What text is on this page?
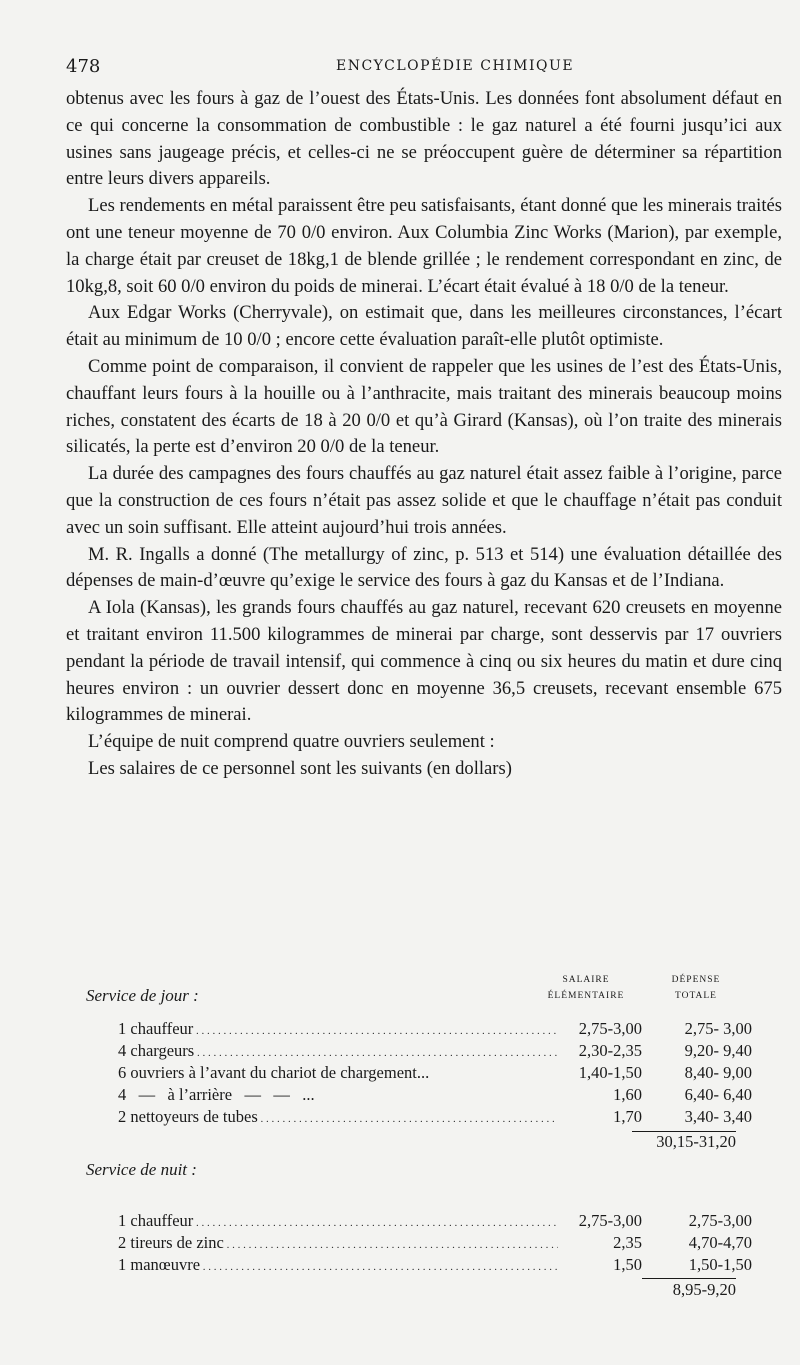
478	ENCYCLOPÉDIE CHIMIQUE

obtenus avec les fours à gaz de l’ouest des États-Unis. Les données font absolument défaut en ce qui concerne la consommation de combustible : le gaz naturel a été fourni jusqu’ici aux usines sans jaugeage précis, et celles-ci ne se préoccupent guère de déterminer sa répartition entre leurs divers appareils.

Les rendements en métal paraissent être peu satisfaisants, étant donné que les minerais traités ont une teneur moyenne de 70 0/0 environ. Aux Columbia Zinc Works (Marion), par exemple, la charge était par creuset de 18kg,1 de blende grillée ; le rendement correspondant en zinc, de 10kg,8, soit 60 0/0 environ du poids de minerai. L’écart était évalué à 18 0/0 de la teneur.

Aux Edgar Works (Cherryvale), on estimait que, dans les meilleures circonstances, l’écart était au minimum de 10 0/0 ; encore cette évaluation paraît-elle plutôt optimiste.

Comme point de comparaison, il convient de rappeler que les usines de l’est des États-Unis, chauffant leurs fours à la houille ou à l’anthracite, mais traitant des minerais beaucoup moins riches, constatent des écarts de 18 à 20 0/0 et qu’à Girard (Kansas), où l’on traite des minerais silicatés, la perte est d’environ 20 0/0 de la teneur.

La durée des campagnes des fours chauffés au gaz naturel était assez faible à l’origine, parce que la construction de ces fours n’était pas assez solide et que le chauffage n’était pas conduit avec un soin suffisant. Elle atteint aujourd’hui trois années.

M. R. Ingalls a donné (The metallurgy of zinc, p. 513 et 514) une évaluation détaillée des dépenses de main-d’œuvre qu’exige le service des fours à gaz du Kansas et de l’Indiana.

A Iola (Kansas), les grands fours chauffés au gaz naturel, recevant 620 creusets en moyenne et traitant environ 11.500 kilogrammes de minerai par charge, sont desservis par 17 ouvriers pendant la période de travail intensif, qui commence à cinq ou six heures du matin et dure cinq heures environ : un ouvrier dessert donc en moyenne 36,5 creusets, recevant ensemble 675 kilogrammes de minerai.

L’équipe de nuit comprend quatre ouvriers seulement :

Les salaires de ce personnel sont les suivants (en dollars)

SALAIRE ÉLÉMENTAIRE
DÉPENSE TOTALE
Service de jour :
1 chauffeur . . .	2,75-3,00	2,75- 3,00
4 chargeurs . . .	2,30-2,35	9,20- 9,40
6 ouvriers à l’avant du chariot de chargement...	1,40-1,50	8,40- 9,00
4   —   à l’arrière   —   —   ...	1,60	6,40- 6,40
2 nettoyeurs de tubes . . .	1,70	3,40- 3,40
30,15-31,20
Service de nuit :
1 chauffeur . . .	2,75-3,00	2,75-3,00
2 tireurs de zinc . . .	2,35	4,70-4,70
1 manœuvre . . .	1,50	1,50-1,50
8,95-9,20
